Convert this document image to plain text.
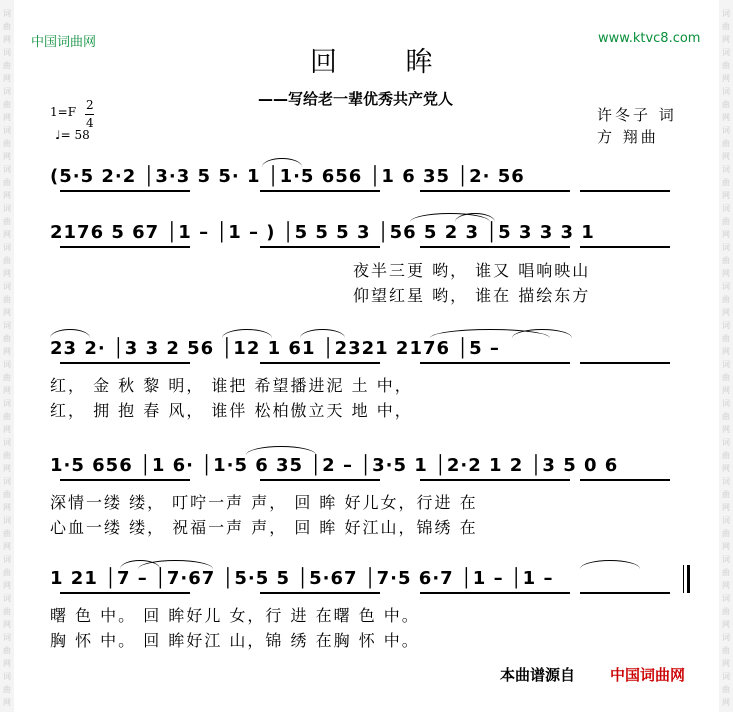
词
曲
网
词
曲
网
词
曲
网
词
曲
网
词
曲
网
词
曲
网
词
曲
网
词
曲
网
词
曲
网
词
曲
网
词
曲
网
词
曲
网
词
曲
网
词
曲
网
词
曲
网
词
曲
网
词
曲
网
词
曲
网
词
曲
网
词
曲
网
词
曲
网
词
曲
网
词
曲
网
词
曲
网
词
曲
网
词
曲
网
词
曲
网
词
曲
网
词
曲
网
词
曲
网
词
曲
网
词
曲
网
词
曲
网
词
曲
网
词
曲
网
词
曲
网
中国词曲网	www.ktvc8.com
回 眸
——写给老一辈优秀共产党人
许冬子 词
方 翔曲
1=F 2
4
♩= 58
(5·5 2·2 │3·3 5 5· 1 │1·5 656 │1 6 35 │2· 56
2176 5 67 │1 – │1 – ) │5 5 5 3 │56 5 2 3 │5 3 3 3 1
夜半三更 哟， 谁又 唱响映山
仰望红星 哟， 谁在 描绘东方
23 2· │3 3 2 56 │12 1 61 │2321 2176 │5 –
红， 金 秋 黎 明， 谁把 希望播进泥 土 中，
红， 拥 抱 春 风， 谁伴 松柏傲立天 地 中，
1·5 656 │1 6· │1·5 6 35 │2 – │3·5 1 │2·2 1 2 │3 5 0 6
深情一缕 缕， 叮咛一声 声， 回 眸 好儿女，行进 在
心血一缕 缕， 祝福一声 声， 回 眸 好江山，锦绣 在
1 21 │7 – │7·67 │5·5 5 │5·67 │7·5 6·7 │1 – │1 –
曙 色 中。 回 眸好儿 女，行 进 在曙 色 中。
胸 怀 中。 回 眸好江 山，锦 绣 在胸 怀 中。
本曲谱源自 中国词曲网
